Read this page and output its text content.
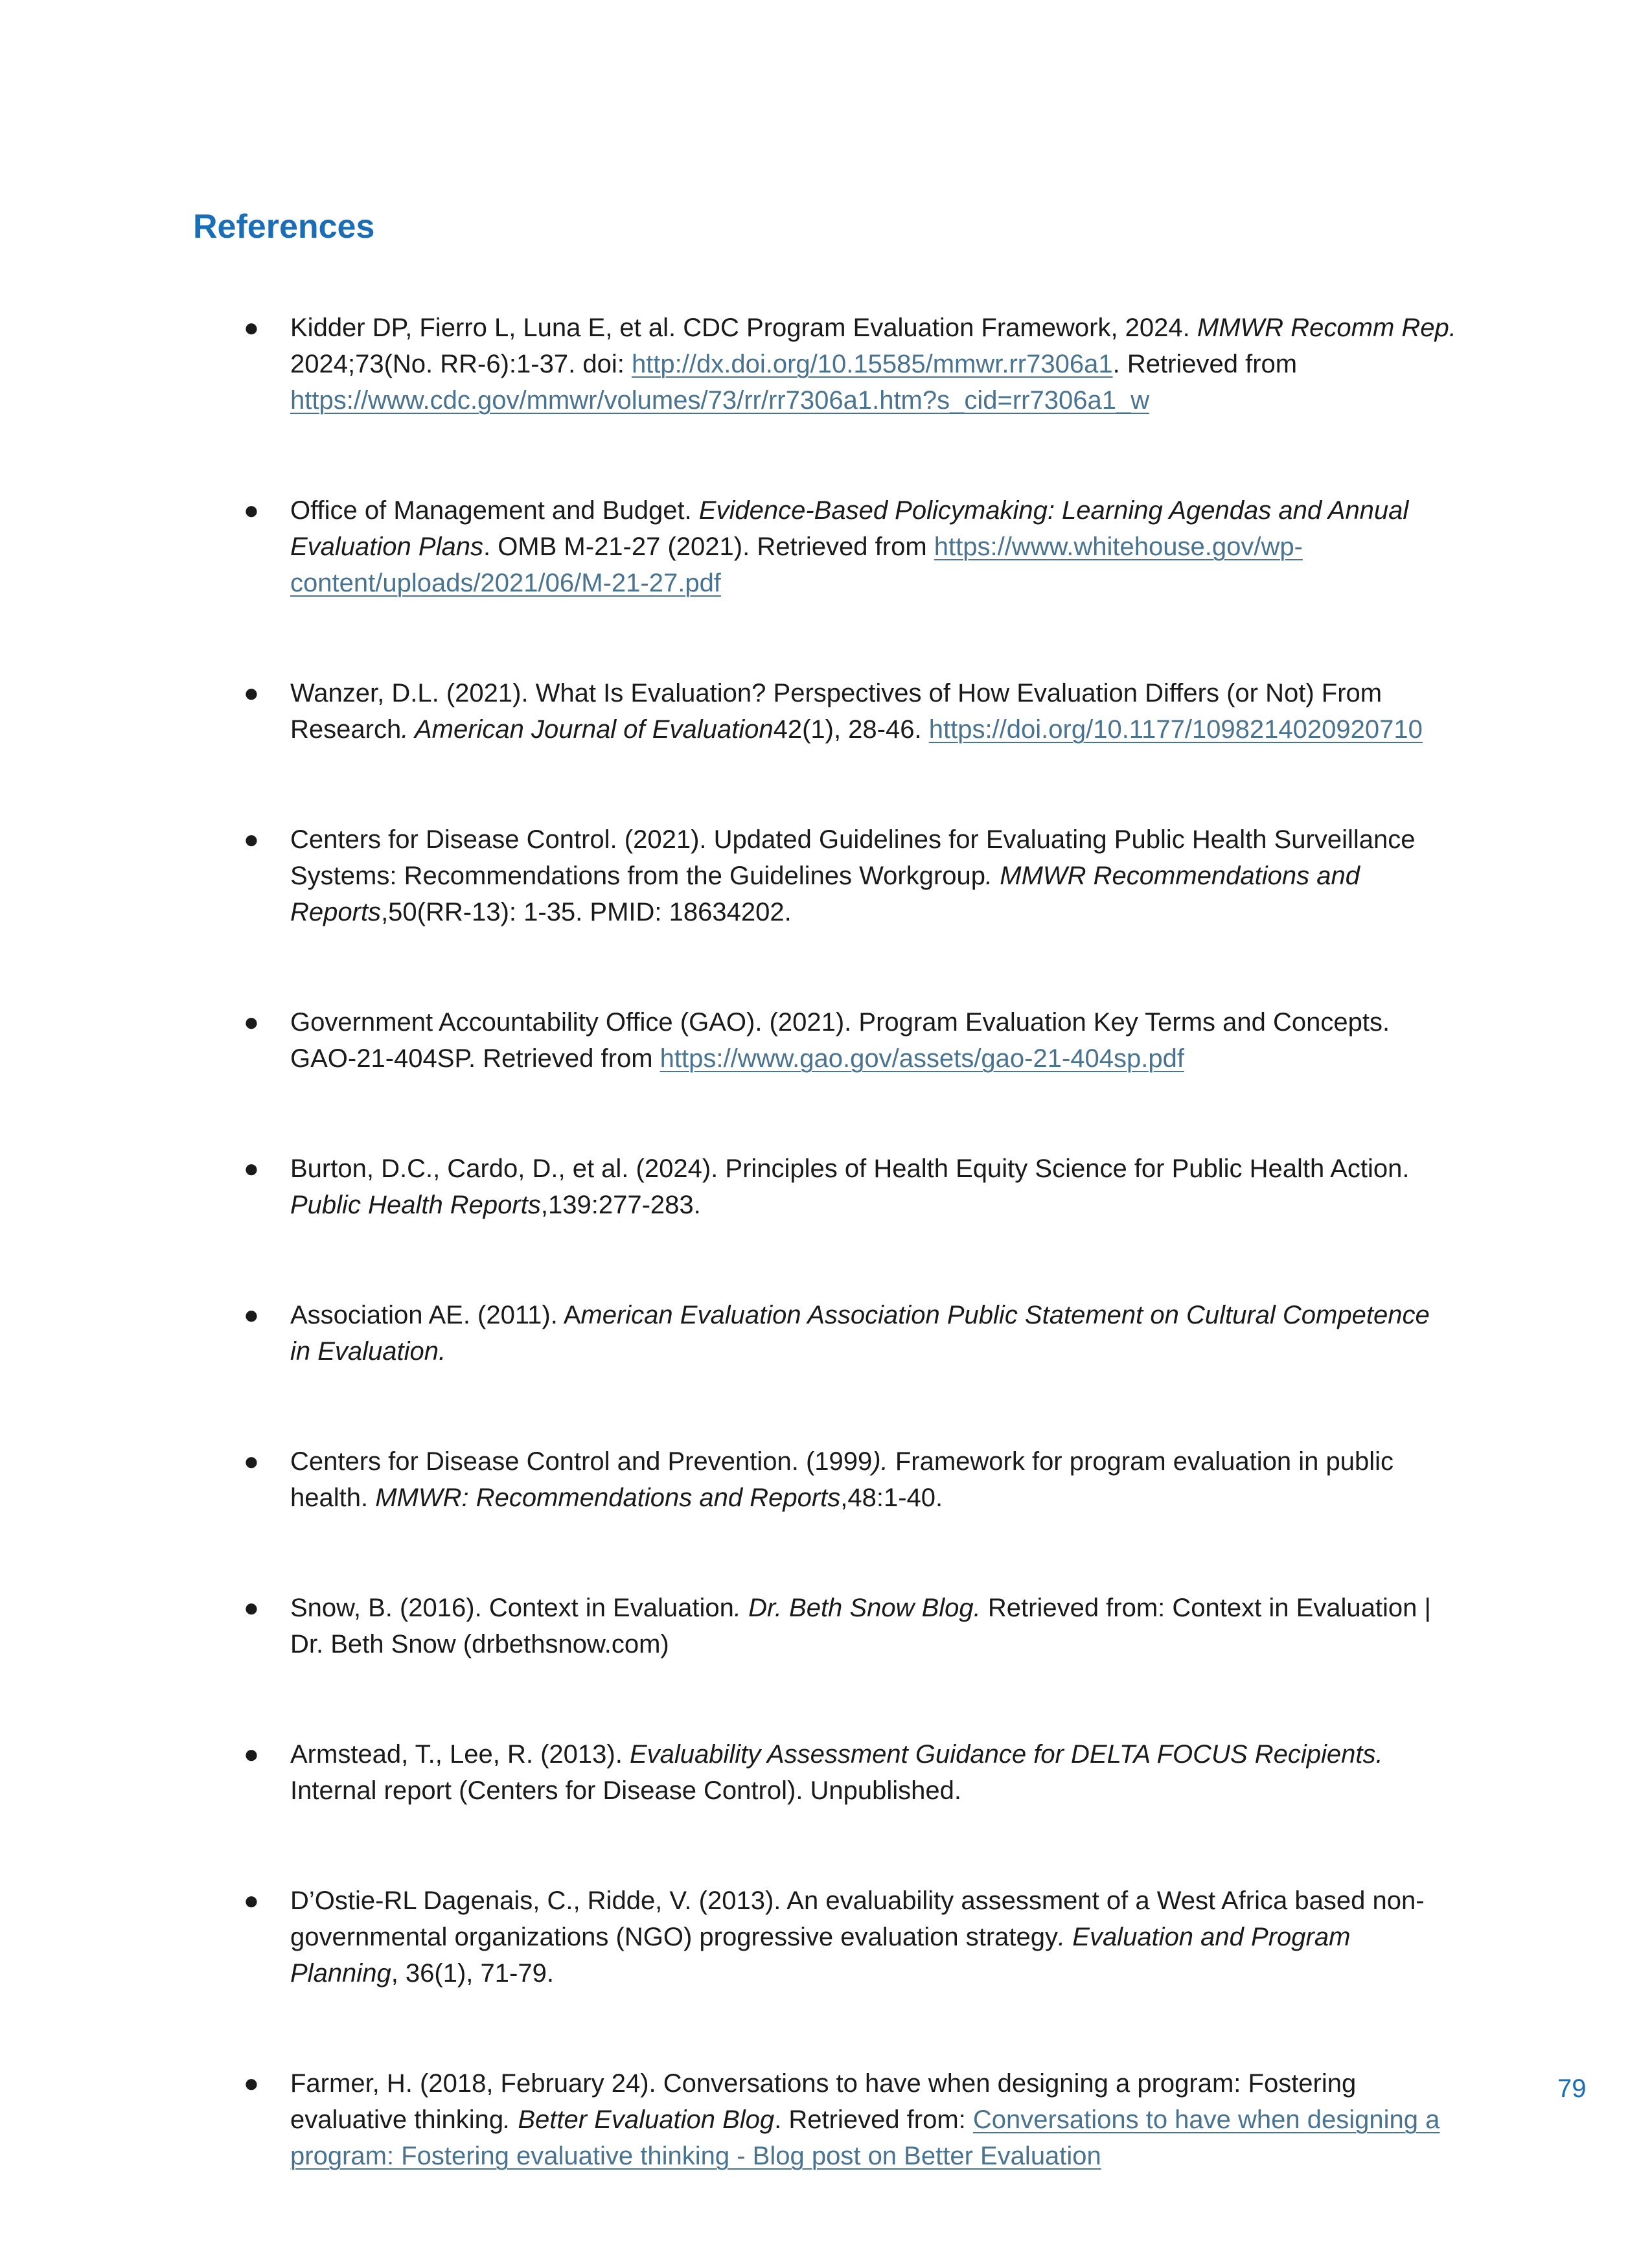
References
● Kidder DP, Fierro L, Luna E, et al. CDC Program Evaluation Framework, 2024. MMWR Recomm Rep. 2024;73(No. RR-6):1-37. doi: http://dx.doi.org/10.15585/mmwr.rr7306a1. Retrieved from https://www.cdc.gov/mmwr/volumes/73/rr/rr7306a1.htm?s_cid=rr7306a1_w
● Office of Management and Budget. Evidence-Based Policymaking: Learning Agendas and Annual Evaluation Plans. OMB M-21-27 (2021). Retrieved from https://www.whitehouse.gov/wp-content/uploads/2021/06/M-21-27.pdf
● Wanzer, D.L. (2021). What Is Evaluation? Perspectives of How Evaluation Differs (or Not) From Research. American Journal of Evaluation42(1), 28-46. https://doi.org/10.1177/1098214020920710
● Centers for Disease Control. (2021). Updated Guidelines for Evaluating Public Health Surveillance Systems: Recommendations from the Guidelines Workgroup. MMWR Recommendations and Reports,50(RR-13): 1-35. PMID: 18634202.
● Government Accountability Office (GAO). (2021). Program Evaluation Key Terms and Concepts. GAO-21-404SP. Retrieved from https://www.gao.gov/assets/gao-21-404sp.pdf
● Burton, D.C., Cardo, D., et al. (2024). Principles of Health Equity Science for Public Health Action. Public Health Reports,139:277-283.
● Association AE. (2011). American Evaluation Association Public Statement on Cultural Competence in Evaluation.
● Centers for Disease Control and Prevention. (1999). Framework for program evaluation in public health. MMWR: Recommendations and Reports,48:1-40.
● Snow, B. (2016). Context in Evaluation. Dr. Beth Snow Blog. Retrieved from: Context in Evaluation | Dr. Beth Snow (drbethsnow.com)
● Armstead, T., Lee, R. (2013). Evaluability Assessment Guidance for DELTA FOCUS Recipients. Internal report (Centers for Disease Control). Unpublished.
● D’Ostie-RL Dagenais, C., Ridde, V. (2013). An evaluability assessment of a West Africa based non-governmental organizations (NGO) progressive evaluation strategy. Evaluation and Program Planning, 36(1), 71-79.
● Farmer, H. (2018, February 24). Conversations to have when designing a program: Fostering evaluative thinking. Better Evaluation Blog. Retrieved from: Conversations to have when designing a program: Fostering evaluative thinking - Blog post on Better Evaluation
79
